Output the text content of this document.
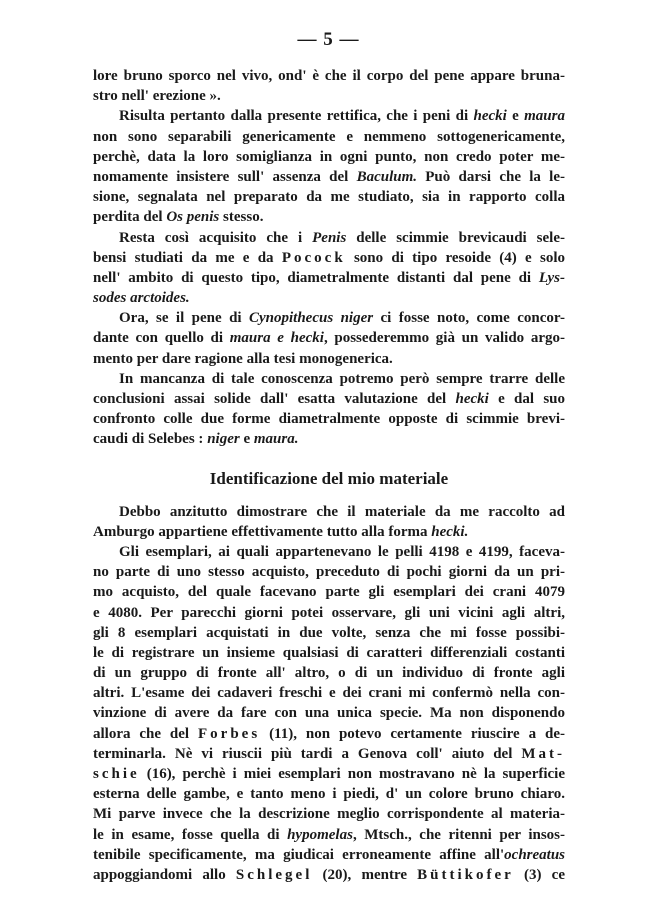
— 5 —
lore bruno sporco nel vivo, ond' è che il corpo del pene appare bruna-
stro nell' erezione ».
Risulta pertanto dalla presente rettifica, che i peni di hecki e maura
non sono separabili genericamente e nemmeno sottogenericamente,
perchè, data la loro somiglianza in ogni punto, non credo poter me-
nomamente insistere sull' assenza del Baculum. Può darsi che la le-
sione, segnalata nel preparato da me studiato, sia in rapporto colla
perdita del Os penis stesso.
Resta così acquisito che i Penis delle scimmie brevicaudi sele-
bensi studiati da me e da Pocock sono di tipo resoide (4) e solo
nell' ambito di questo tipo, diametralmente distanti dal pene di Lys-
sodes arctoides.
Ora, se il pene di Cynopithecus niger ci fosse noto, come concor-
dante con quello di maura e hecki, possederemmo già un valido argo-
mento per dare ragione alla tesi monogenerica.
In mancanza di tale conoscenza potremo però sempre trarre delle
conclusioni assai solide dall' esatta valutazione del hecki e dal suo
confronto colle due forme diametralmente opposte di scimmie brevi-
caudi di Selebes : niger e maura.
Identificazione del mio materiale
Debbo anzitutto dimostrare che il materiale da me raccolto ad
Amburgo appartiene effettivamente tutto alla forma hecki.
Gli esemplari, ai quali appartenevano le pelli 4198 e 4199, faceva-
no parte di uno stesso acquisto, preceduto di pochi giorni da un pri-
mo acquisto, del quale facevano parte gli esemplari dei crani 4079
e 4080. Per parecchi giorni potei osservare, gli uni vicini agli altri,
gli 8 esemplari acquistati in due volte, senza che mi fosse possibi-
le di registrare un insieme qualsiasi di caratteri differenziali costanti
di un gruppo di fronte all' altro, o di un individuo di fronte agli
altri. L'esame dei cadaveri freschi e dei crani mi confermò nella con-
vinzione di avere da fare con una unica specie. Ma non disponendo
allora che del Forbes (11), non potevo certamente riuscire a de-
terminarla. Nè vi riuscii più tardi a Genova coll' aiuto del Mat-
schie (16), perchè i miei esemplari non mostravano nè la superficie
esterna delle gambe, e tanto meno i piedi, d' un colore bruno chiaro.
Mi parve invece che la descrizione meglio corrispondente al materia-
le in esame, fosse quella di hypomelas, Mtsch., che ritenni per insos-
tenibile specificamente, ma giudicai erroneamente affine all'ochreatus
appoggiandomi allo Schlegel (20), mentre Büttikofer (3) ce
